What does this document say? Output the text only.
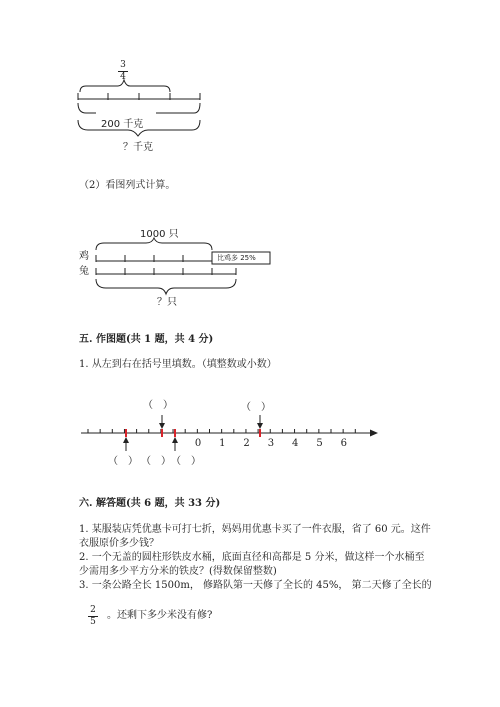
3
4
200 千克
？千克
（2）看图列式计算。
1000 只
鸡
兔
比鸡多 25%
？只
五. 作图题(共 1 题，共 4 分)
1. 从左到右在括号里填数。（填整数或小数）
0 1 2 3 4 5 6
（　）	（　）
（　） （　） （　）
六. 解答题(共 6 题，共 33 分)
1. 某服装店凭优惠卡可打七折，妈妈用优惠卡买了一件衣服，省了 60 元。这件
衣服原价多少钱？
2. 一个无盖的圆柱形铁皮水桶，底面直径和高都是 5 分米，做这样一个水桶至
少需用多少平方分米的铁皮？(得数保留整数)
3. 一条公路全长 1500m， 修路队第一天修了全长的 45%， 第二天修了全长的
2
5
。还剩下多少米没有修?
